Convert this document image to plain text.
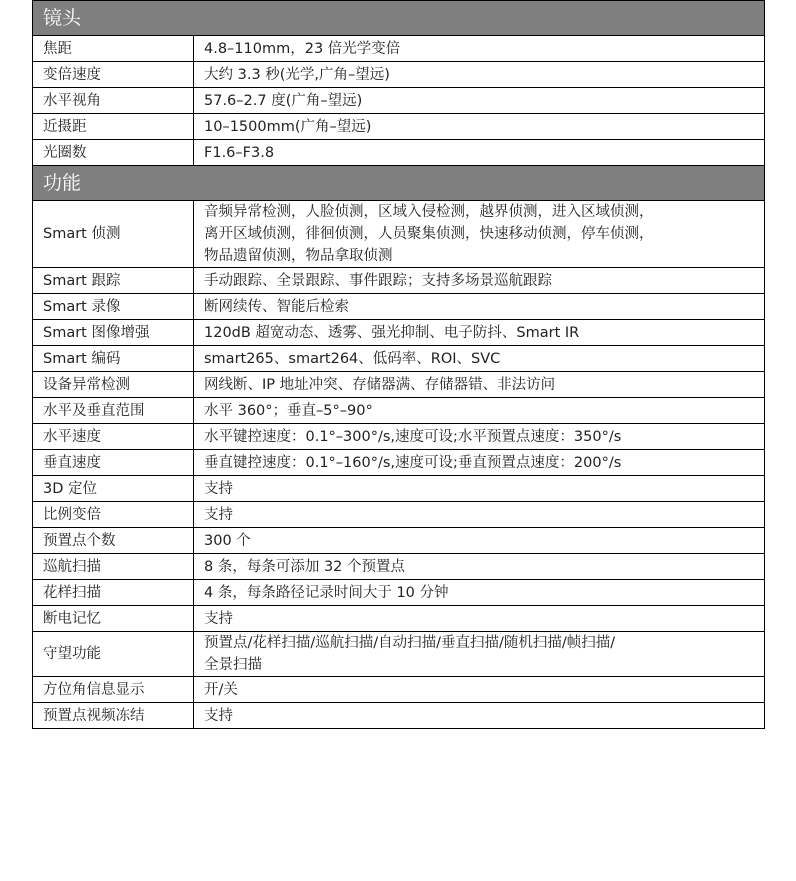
镜头	
焦距	4.8–110mm，23 倍光学变倍

变倍速度	大约 3.3 秒(光学,广角–望远)

水平视角	57.6–2.7 度(广角–望远)

近摄距	10–1500mm(广角–望远)

光圈数	F1.6–F3.8

功能	
Smart 侦测	音频异常检测，人脸侦测，区域入侵检测，越界侦测，进入区域侦测，
离开区域侦测，徘徊侦测，人员聚集侦测，快速移动侦测，停车侦测，
物品遗留侦测，物品拿取侦测

Smart 跟踪	手动跟踪、全景跟踪、事件跟踪；支持多场景巡航跟踪

Smart 录像	断网续传、智能后检索

Smart 图像增强	120dB 超宽动态、透雾、强光抑制、电子防抖、Smart IR

Smart 编码	smart265、smart264、低码率、ROI、SVC

设备异常检测	网线断、IP 地址冲突、存储器满、存储器错、非法访问

水平及垂直范围	水平 360°；垂直–5°–90°

水平速度	水平键控速度：0.1°–300°/s,速度可设;水平预置点速度：350°/s

垂直速度	垂直键控速度：0.1°–160°/s,速度可设;垂直预置点速度：200°/s

3D 定位	支持

比例变倍	支持

预置点个数	300 个

巡航扫描	8 条，每条可添加 32 个预置点

花样扫描	4 条，每条路径记录时间大于 10 分钟

断电记忆	支持

守望功能	预置点/花样扫描/巡航扫描/自动扫描/垂直扫描/随机扫描/帧扫描/
全景扫描

方位角信息显示	开/关

预置点视频冻结	支持
